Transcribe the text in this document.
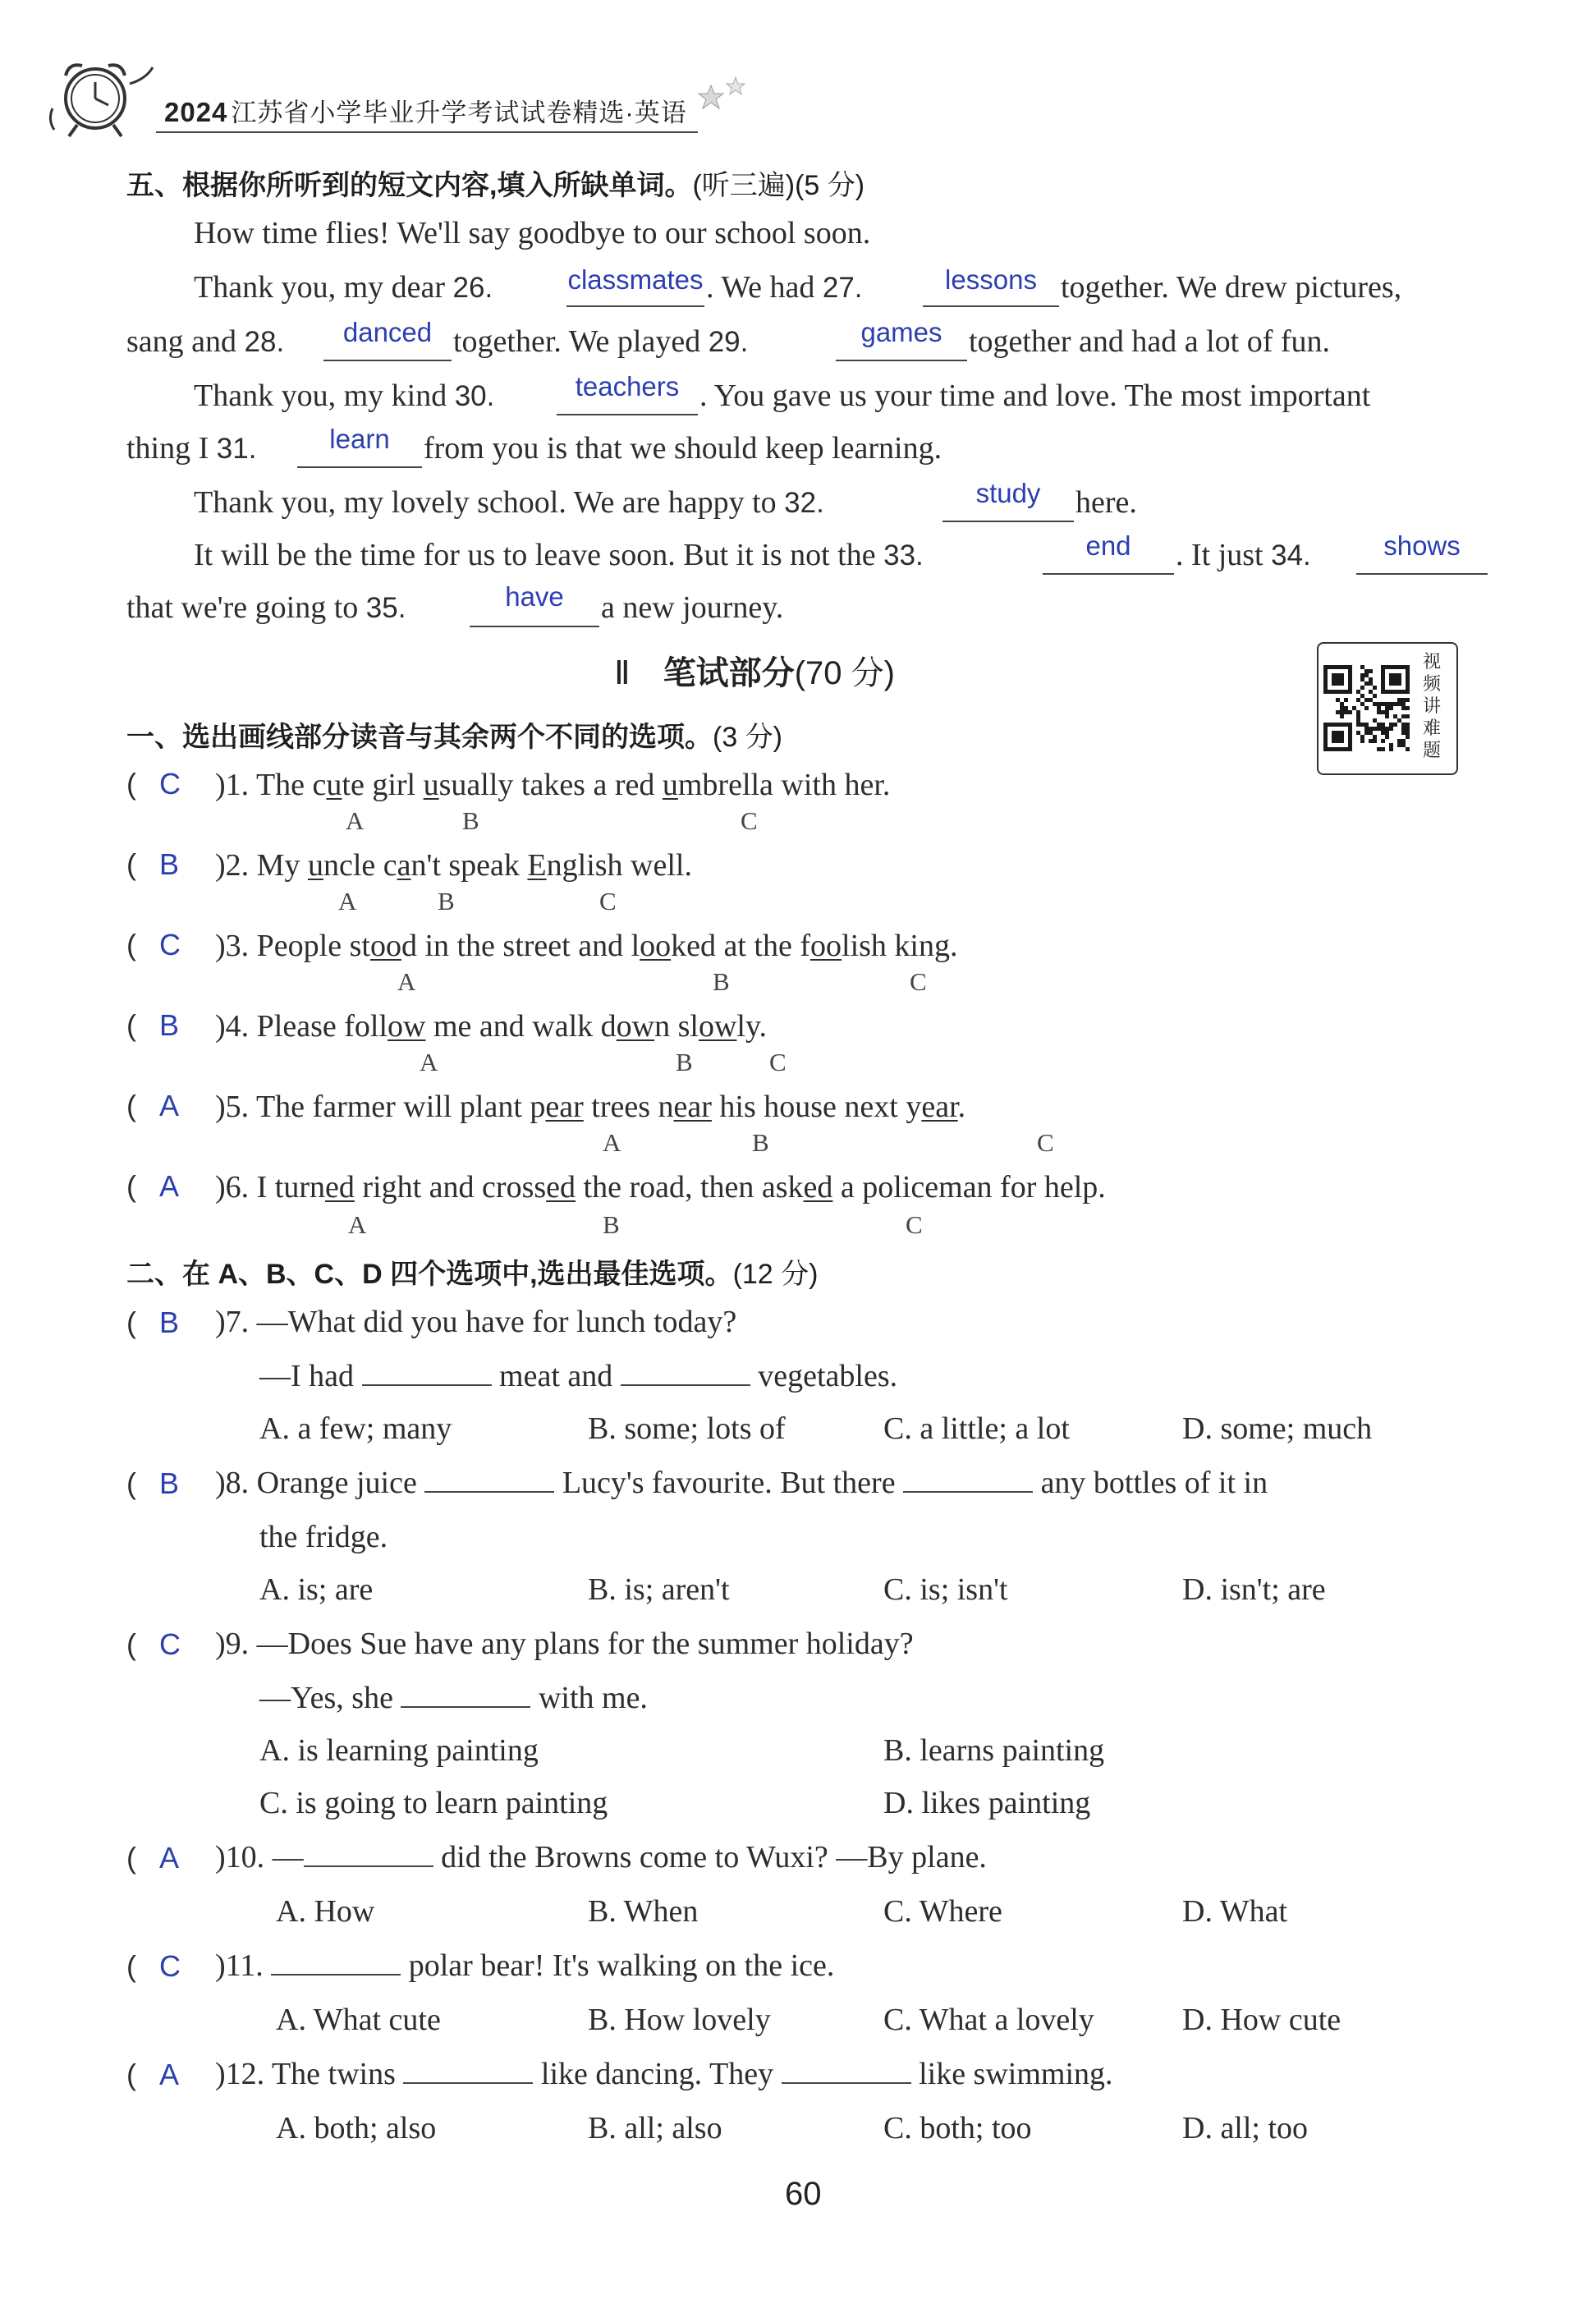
2024 江苏省小学毕业升学考试试卷精选·英语
五、根据你所听到的短文内容,填入所缺单词。(听三遍)(5 分)
How time flies! We'll say goodbye to our school soon.
Thank you, my dear 26.	classmates . We had 27.	lessons together. We drew pictures,
sang and 28.	danced together. We played 29.	games together and had a lot of fun.
Thank you, my kind 30.	teachers . You gave us your time and love. The most important
thing I 31.	learn	from you is that we should keep learning.
Thank you, my lovely school. We are happy to 32.	study	here.
It will be the time for us to leave soon. But it is not the 33.	end	. It just 34.	shows
that we're going to 35.	have	a new journey.
Ⅱ 笔试部分(70 分)	视
频
讲
难
题
一、选出画线部分读音与其余两个不同的选项。(3 分)
( C )1. The cute girl usually takes a red umbrella with her.
A	B	C
( B )2. My uncle can't speak English well.
A	B	C
( C )3. People stood in the street and looked at the foolish king.
A	B	C
( B )4. Please follow me and walk down slowly.
A	B	C
( A )5. The farmer will plant pear trees near his house next year.
A	B	C
( A )6. I turned right and crossed the road, then asked a policeman for help.
A	B	C
二、在 A、B、C、D 四个选项中,选出最佳选项。(12 分)
( B )7. —What did you have for lunch today?
—I had	meat and	vegetables.
A. a few; many	B. some; lots of	C. a little; a lot	D. some; much
( B )8. Orange juice	Lucy's favourite. But there	any bottles of it in
the fridge.
A. is; are	B. is; aren't	C. is; isn't	D. isn't; are
( C )9. —Does Sue have any plans for the summer holiday?
—Yes, she	with me.
A. is learning painting	B. learns painting
C. is going to learn painting	D. likes painting
( A )10. —	did the Browns come to Wuxi? —By plane.
A. How	B. When	C. Where	D. What
( C )11.	polar bear! It's walking on the ice.
A. What cute	B. How lovely	C. What a lovely	D. How cute
( A )12. The twins	like dancing. They	like swimming.
A. both; also	B. all; also	C. both; too	D. all; too
60
